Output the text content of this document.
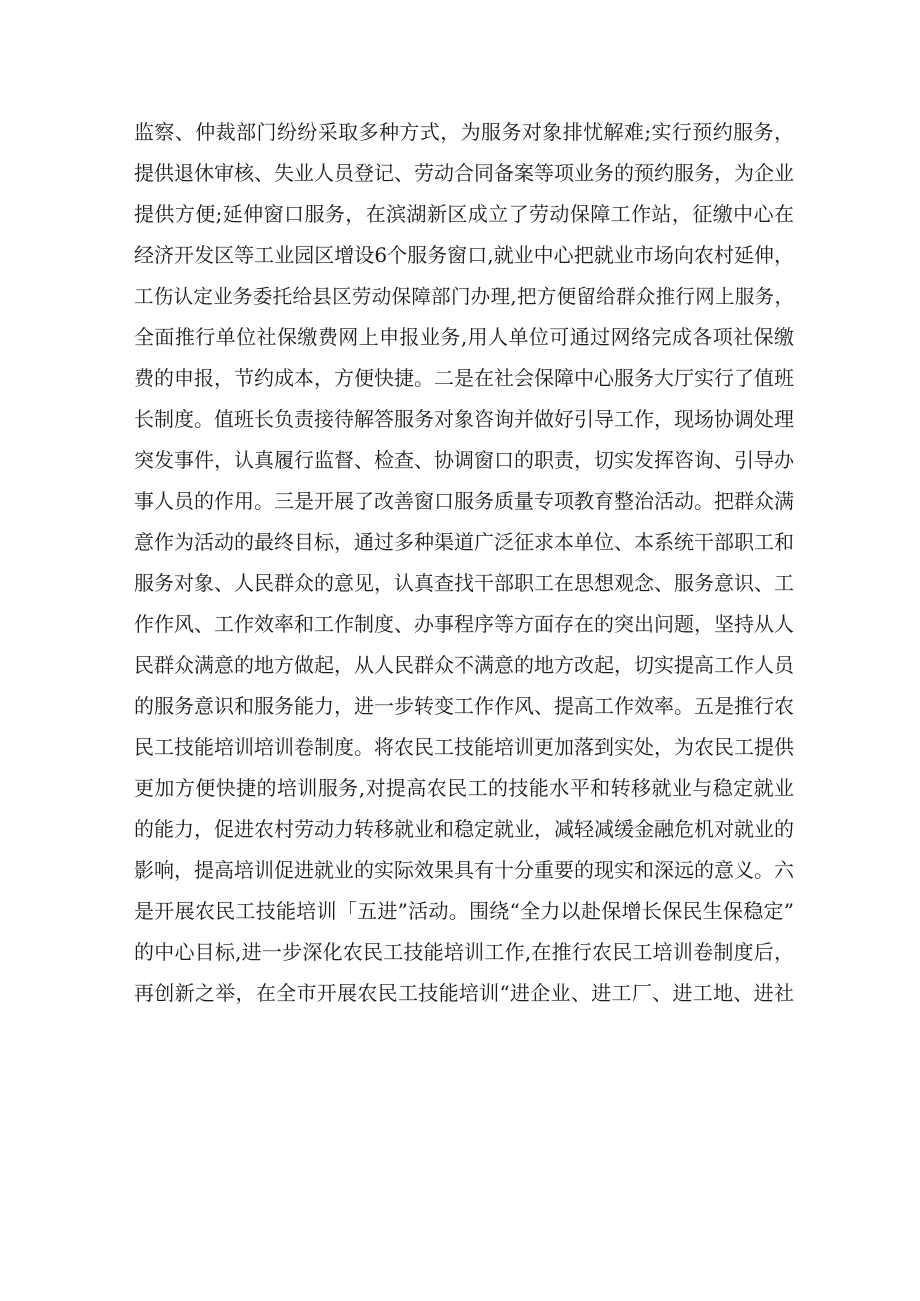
监察、仲裁部门纷纷采取多种方式，为服务对象排忧解难;实行预约服务，
提供退休审核、失业人员登记、劳动合同备案等项业务的预约服务，为企业
提供方便;延伸窗口服务，在滨湖新区成立了劳动保障工作站，征缴中心在
经济开发区等工业园区增设6个服务窗口,就业中心把就业市场向农村延伸，
工伤认定业务委托给县区劳动保障部门办理,把方便留给群众推行网上服务，
全面推行单位社保缴费网上申报业务,用人单位可通过网络完成各项社保缴
费的申报，节约成本，方便快捷。二是在社会保障中心服务大厅实行了值班
长制度。值班长负责接待解答服务对象咨询并做好引导工作，现场协调处理
突发事件，认真履行监督、检查、协调窗口的职责，切实发挥咨询、引导办
事人员的作用。三是开展了改善窗口服务质量专项教育整治活动。把群众满
意作为活动的最终目标，通过多种渠道广泛征求本单位、本系统干部职工和
服务对象、人民群众的意见，认真查找干部职工在思想观念、服务意识、工
作作风、工作效率和工作制度、办事程序等方面存在的突出问题，坚持从人
民群众满意的地方做起，从人民群众不满意的地方改起，切实提高工作人员
的服务意识和服务能力，进一步转变工作作风、提高工作效率。五是推行农
民工技能培训培训卷制度。将农民工技能培训更加落到实处，为农民工提供
更加方便快捷的培训服务,对提高农民工的技能水平和转移就业与稳定就业
的能力，促进农村劳动力转移就业和稳定就业，减轻减缓金融危机对就业的
影响，提高培训促进就业的实际效果具有十分重要的现实和深远的意义。六
是开展农民工技能培训「五进”活动。围绕“全力以赴保增长保民生保稳定”
的中心目标,进一步深化农民工技能培训工作,在推行农民工培训卷制度后，
再创新之举，在全市开展农民工技能培训“进企业、进工厂、进工地、进社
